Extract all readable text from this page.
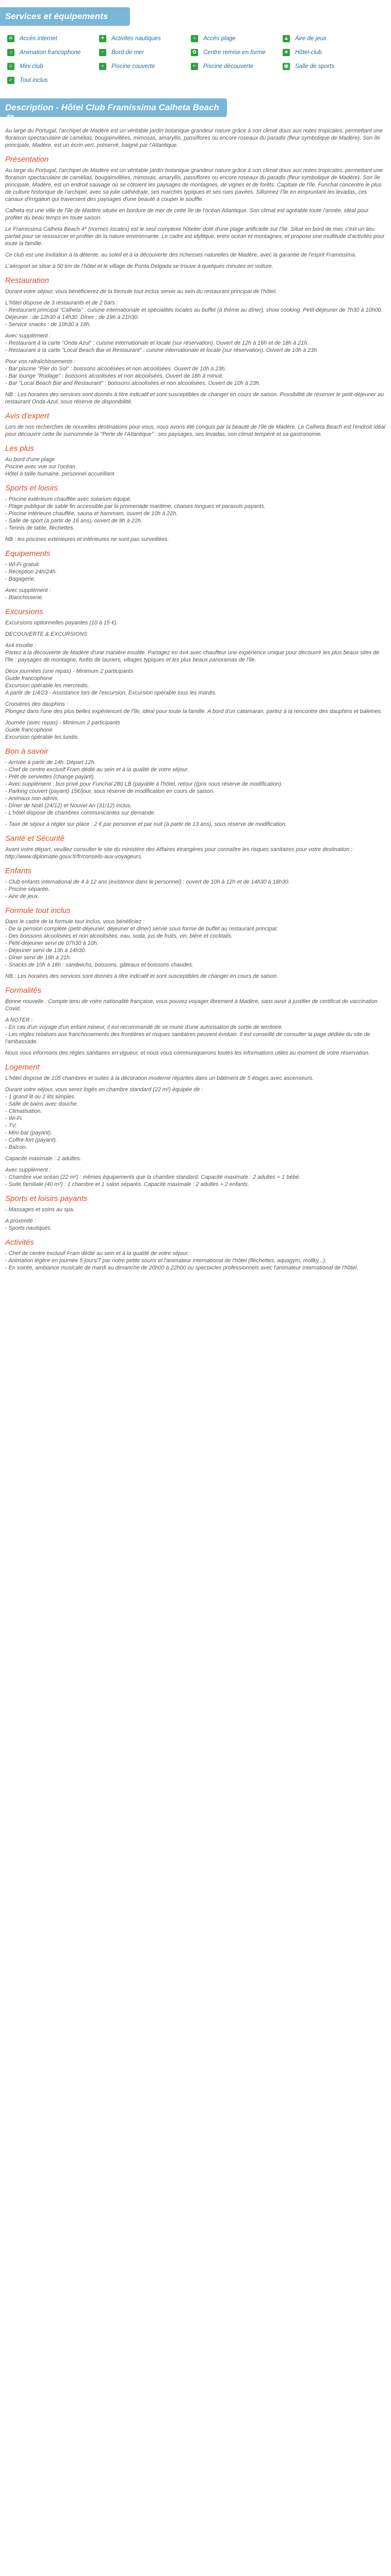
Services et équipements
≋ Accès internet	✦ Activités nautiques	≈	Accès plage	▲ Aire de jeux
♪	Animation francophone	~	Bord de mer	✿ Centre remise en forme	★ Hôtel-club
☺ Mini club	≈	Piscine couverte	≈	Piscine découverte	▣ Salle de sports
✓ Tout inclus
Description - Hôtel Club Framissima Calheta Beach 4*

Au large du Portugal, l'archipel de Madère est un véritable jardin botanique grandeur nature grâce à son climat doux aux notes tropicales, permettant une floraison spectaculaire de camélias, bougainvillées, mimosas, amaryllis, passiflores ou encore roseaux du paradis (fleur symbolique de Madère). Son île principale, Madère, est un écrin vert, préservé, baigné par l'Atlantique.

Présentation

Au large du Portugal, l'archipel de Madère est un véritable jardin botanique grandeur nature grâce à son climat doux aux notes tropicales, permettant une floraison spectaculaire de camélias, bougainvillées, mimosas, amaryllis, passiflores ou encore roseaux du paradis (fleur symbolique de Madère). Son île principale, Madère, est un endroit sauvage où se côtoient les paysages de montagnes, de vignes et de forêts. Capitale de l'île, Funchal concentre le plus de culture historique de l'archipel, avec sa jolie cathédrale, ses marchés typiques et ses rues pavées. Sillonnez l'île en empruntant les levadas, ces canaux d'irrigation qui traversent des paysages d'une beauté à couper le souffle.

Calheta est une ville de l'île de Madère située en bordure de mer de cette île de l'océan Atlantique. Son climat est agréable toute l'année, idéal pour profiter du beau temps en toute saison.

Le Framissima Calheta Beach 4* (normes locales) est le seul complexe hôtelier doté d'une plage artificielle sur l'île. Situé en bord de mer, c'est un lieu parfait pour se ressourcer et profiter de la nature environnante. Le cadre est idyllique, entre océan et montagnes, et propose une multitude d'activités pour toute la famille.

Ce club est une invitation à la détente, au soleil et à la découverte des richesses naturelles de Madère, avec la garantie de l'esprit Framissima.

L'aéroport se situe à 50 km de l'hôtel et le village de Ponta Delgada se trouve à quelques minutes en voiture.

Restauration

Durant votre séjour, vous bénéficierez de la formule tout inclus servie au sein du restaurant principal de l'hôtel.

L'hôtel dispose de 3 restaurants et de 2 bars :
- Restaurant principal "Calheta" : cuisine internationale et spécialités locales au buffet (à thème au dîner), show cooking. Petit-déjeuner de 7h30 à 10h00. Déjeuner : de 12h30 à 14h30. Dîner : de 19h à 21h30.
- Service snacks : de 10h30 à 18h.

Avec supplément :
- Restaurant à la carte "Onda Azul" : cuisine internationale et locale (sur réservation). Ouvert de 12h à 16h et de 18h à 21h.
- Restaurant à la carte "Local Beach Bar et Restaurant" : cuisine internationale et locale (sur réservation). Ouvert de 10h à 23h.

Pour vos rafraîchissements :
- Bar piscine "Pier do Sol" : boissons alcoolisées et non alcoolisées. Ouvert de 10h à 23h.
- Bar lounge "Rodage" : boissons alcoolisées et non alcoolisées. Ouvert de 18h à minuit.
- Bar "Local Beach Bar and Restaurant" : boissons alcoolisées et non alcoolisées. Ouvert de 10h à 23h.

NB : Les horaires des services sont donnés à titre indicatif et sont susceptibles de changer en cours de saison. Possibilité de réserver le petit-déjeuner au restaurant Onda Azul, sous réserve de disponibilité.

Avis d'expert

Lors de nos recherches de nouvelles destinations pour vous, nous avons été conquis par la beauté de l'île de Madère. Le Calheta Beach est l'endroit idéal pour découvrir cette île surnommée la "Perle de l'Atlantique" : ses paysages, ses levadas, son climat tempéré et sa gastronomie.

Les plus

Au bord d'une plage
Piscine avec vue sur l'océan
Hôtel à taille humaine, personnel accueillant

Sports et loisirs

- Piscine extérieure chauffée avec solarium équipé.
- Plage publique de sable fin accessible par la promenade maritime, chaises longues et parasols payants.
- Piscine intérieure chauffée, sauna et hammam, ouvert de 10h à 22h.
- Salle de sport (à partir de 16 ans), ouvert de 8h à 22h.
- Tennis de table, fléchettes.

NB : les piscines extérieures et intérieures ne sont pas surveillées.

Equipements

- Wi-Fi gratuit.
- Réception 24h/24h.
- Bagagerie.

Avec supplément :
- Blanchisserie.

Excursions

Excursions optionnelles payantes (10 à 15 €).

DECOUVERTE & EXCURSIONS

4x4 insolite :
Partez à la découverte de Madère d'une manière insolite. Partagez en 4x4 avec chauffeur une expérience unique pour découvrir les plus beaux sites de l'île : paysages de montagne, forêts de lauriers, villages typiques et les plus beaux panoramas de l'île.

Deux journées (une repas) - Minimum 2 participants
Guide francophone
Excursion opérable les mercredis.
A partir de 1/4/23 - Assistance lors de l'excursion. Excursion opérable tous les mardis.

Croisières des dauphins :
Plongez dans l'une des plus belles expériences de l'île, idéal pour toute la famille. A bord d'un catamaran, partez à la rencontre des dauphins et baleines.

Journée (avec repas) - Minimum 2 participants
Guide francophone
Excursion opérable les lundis.

Bon à savoir

- Arrivée à partir de 14h. Départ 12h.
- Chef de centre exclusif Fram dédié au sein et à la qualité de votre séjour.
- Prêt de serviettes (change payant).
- Avec supplément : bus privé pour Funchal 280 LB (payable à l'hôtel, retour ((prix sous réserve de modification).
- Parking couvert (payant) 15€/jour, sous réserve de modification en cours de saison.
- Animaux non admis.
- Dîner de Noël (24/12) et Nouvel An (31/12) inclus.
- L'hôtel dispose de chambres communicantes sur demande.

- Taxe de séjour à régler sur place : 2 € par personne et par nuit (à partir de 13 ans), sous réserve de modification.

Santé et Sécurité

Avant votre départ, veuillez consulter le site du ministère des Affaires étrangères pour connaître les risques sanitaires pour votre destination : http://www.diplomatie.gouv.fr/fr/conseils-aux-voyageurs.

Enfants

- Club enfants international de 4 à 12 ans (existence dans le personnel) : ouvert de 10h à 12h et de 14h30 à 18h30.
- Piscine séparée.
- Aire de jeux.

Formule tout inclus

Dans le cadre de la formule tout inclus, vous bénéficiez :
- De la pension complète (petit-déjeuner, déjeuner et dîner) servie sous forme de buffet au restaurant principal.
- Des boissons alcoolisées et non alcoolisées, eau, soda, jus de fruits, vin, bière et cocktails.
- Petit-déjeuner servi de 07h30 à 10h.
- Déjeuner servi de 13h à 14h30.
- Dîner servi de 18h à 21h.
- Snacks de 10h à 18h : sandwichs, boissons, gâteaux et boissons chaudes.

NB : Les horaires des services sont donnés à titre indicatif et sont susceptibles de changer en cours de saison.

Formalités

Bonne nouvelle : Compte tenu de votre nationalité française, vous pouvez voyager librement à Madère, sans avoir à justifier de certificat de vaccination Covid.

A NOTER :
- En cas d'un voyage d'un enfant mineur, il est recommandé de se munir d'une autorisation de sortie de territoire.
- Les règles relatives aux franchissements des frontières et risques sanitaires peuvent évoluer. Il est conseillé de consulter la page dédiée du site de l'ambassade.

Nous vous informons des règles sanitaires en vigueur, et nous vous communiquerons toutes les informations utiles au moment de votre réservation.

Logement

L'hôtel dispose de 105 chambres et suites à la décoration moderne réparties dans un bâtiment de 5 étages avec ascenseurs.

Durant votre séjour, vous serez logés en chambre standard (22 m²) équipée de :
- 1 grand lit ou 2 lits simples.
- Salle de bains avec douche.
- Climatisation.
- Wi-Fi.
- TV.
- Mini-bar (payant).
- Coffre-fort (payant).
- Balcon.

Capacité maximale : 2 adultes.

Avec supplément :
- Chambre vue océan (22 m²) : mêmes équipements que la chambre standard. Capacité maximale : 2 adultes + 1 bébé.
- Suite familiale (40 m²) : 1 chambre et 1 salon séparés. Capacité maximale : 2 adultes + 2 enfants.

Sports et loisirs payants

- Massages et soins au spa.

A proximité :
- Sports nautiques.

Activités

- Chef de centre exclusif Fram dédié au sein et à la qualité de votre séjour.
- Animation légère en journée 5 jours/7 par notre petite souris et l'animateur international de l'hôtel (fléchettes, aquagym, mollky...).
- En soirée, ambiance musicale de mardi au dimanche de 20h00 à 22h00 ou spectacles professionnels avec l'animateur international de l'hôtel.
